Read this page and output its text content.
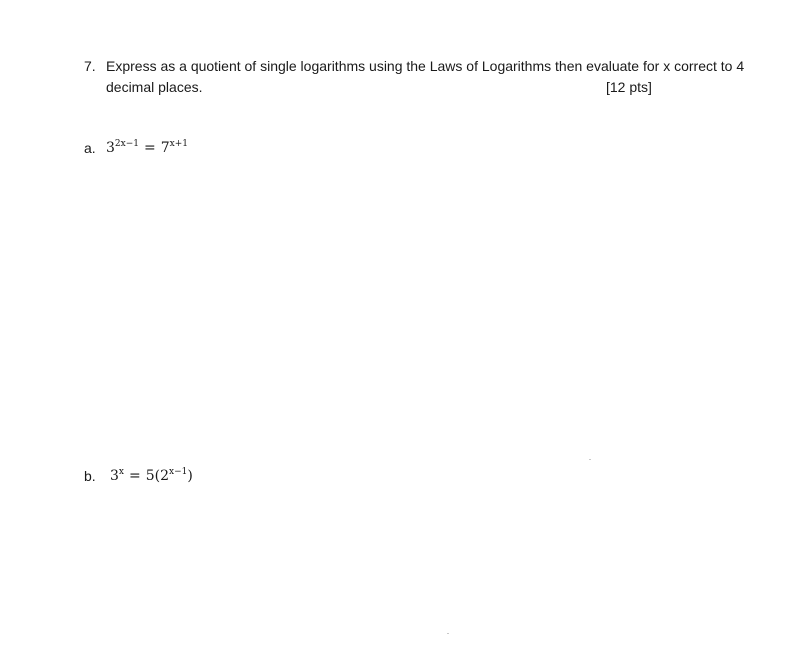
7. Express as a quotient of single logarithms using the Laws of Logarithms then evaluate for x correct to 4
decimal places.	[12 pts]
a. $3^{2x-1} = 7^{x+1}$
b. $3^x = 5(2^{x-1})$
